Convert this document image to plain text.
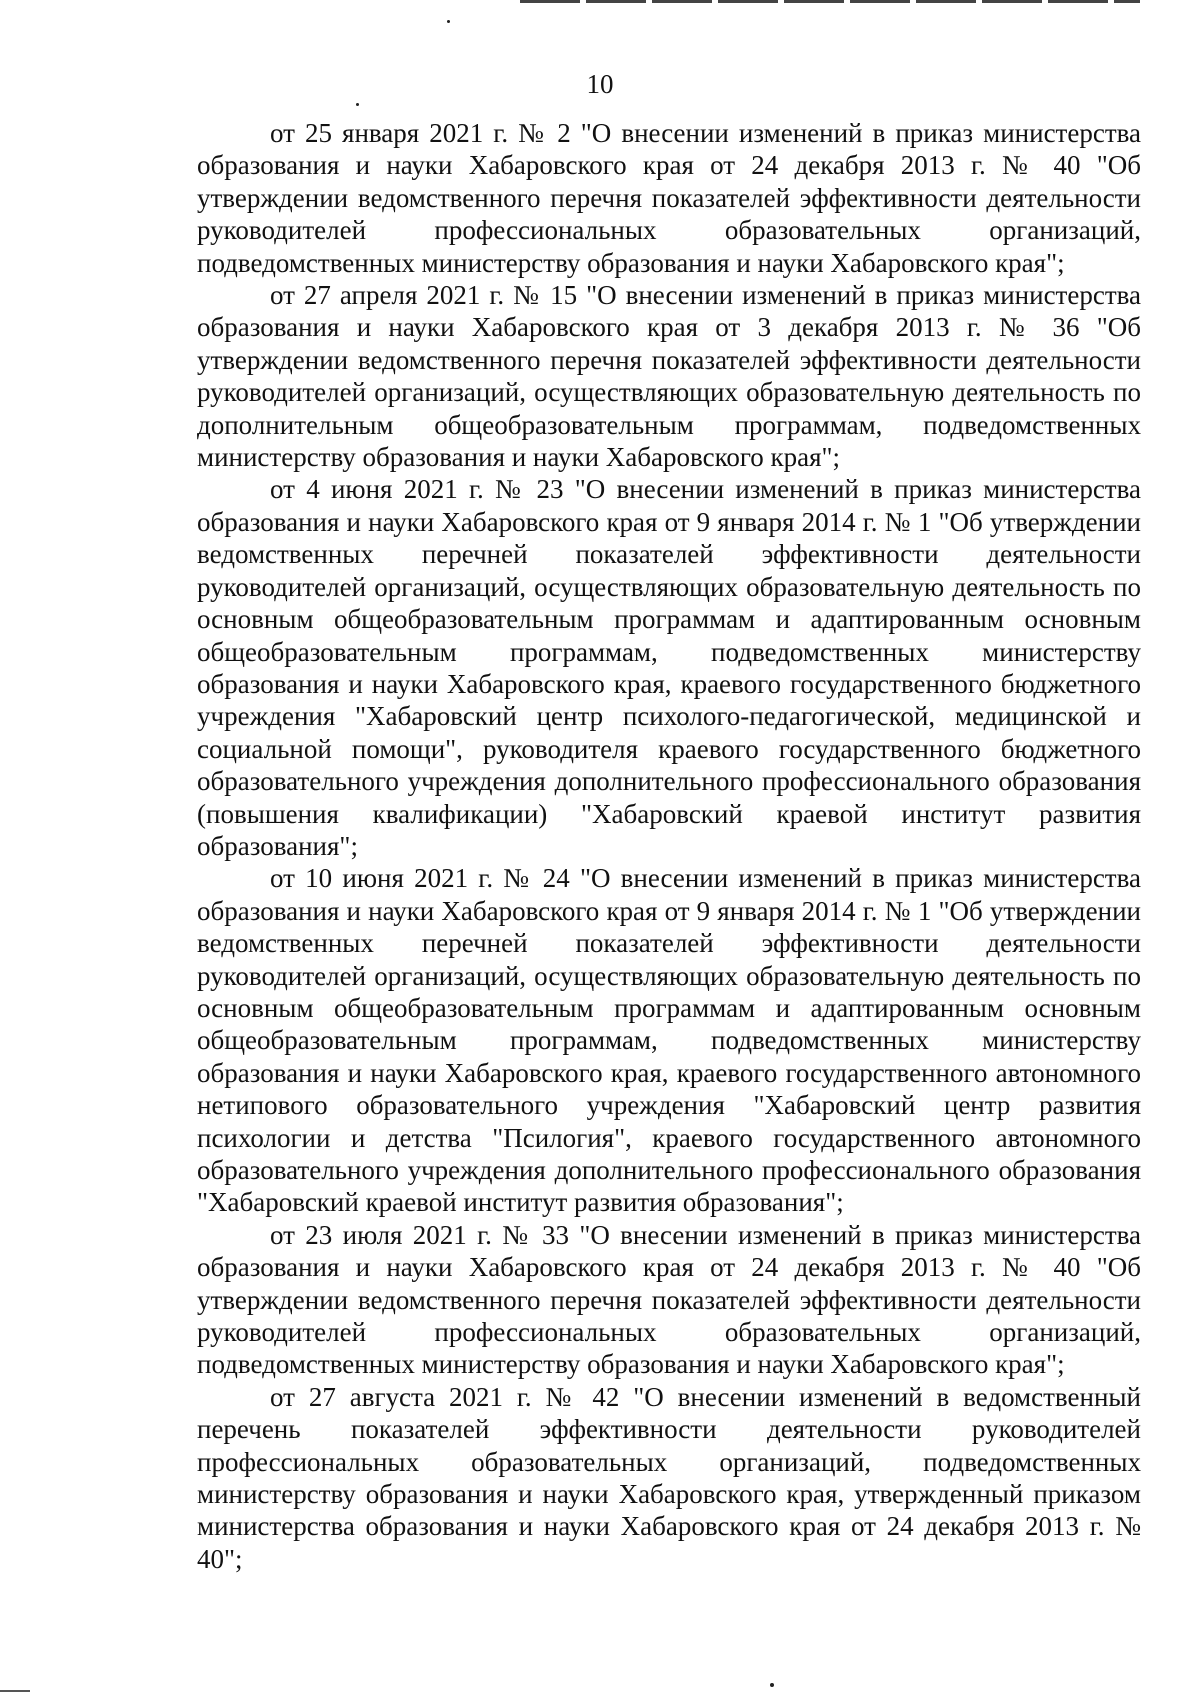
10

от 25 января 2021 г. № 2 "О внесении изменений в приказ министерства образования и науки Хабаровского края от 24 декабря 2013 г. № 40 "Об утверждении ведомственного перечня показателей эффективности деятельности руководителей профессиональных образовательных организаций, подведомственных министерству образования и науки Хабаровского края";

от 27 апреля 2021 г. № 15 "О внесении изменений в приказ министерства образования и науки Хабаровского края от 3 декабря 2013 г. № 36 "Об утверждении ведомственного перечня показателей эффективности деятельности руководителей организаций, осуществляющих образовательную деятельность по дополнительным общеобразовательным программам, подведомственных министерству образования и науки Хабаровского края";

от 4 июня 2021 г. № 23 "О внесении изменений в приказ министерства образования и науки Хабаровского края от 9 января 2014 г. № 1 "Об утверждении ведомственных перечней показателей эффективности деятельности руководителей организаций, осуществляющих образовательную деятельность по основным общеобразовательным программам и адаптированным основным общеобразовательным программам, подведомственных министерству образования и науки Хабаровского края, краевого государственного бюджетного учреждения "Хабаровский центр психолого-педагогической, медицинской и социальной помощи", руководителя краевого государственного бюджетного образовательного учреждения дополнительного профессионального образования (повышения квалификации) "Хабаровский краевой институт развития образования";

от 10 июня 2021 г. № 24 "О внесении изменений в приказ министерства образования и науки Хабаровского края от 9 января 2014 г. № 1 "Об утверждении ведомственных перечней показателей эффективности деятельности руководителей организаций, осуществляющих образовательную деятельность по основным общеобразовательным программам и адаптированным основным общеобразовательным программам, подведомственных министерству образования и науки Хабаровского края, краевого государственного автономного нетипового образовательного учреждения "Хабаровский центр развития психологии и детства "Псилогия", краевого государственного автономного образовательного учреждения дополнительного профессионального образования "Хабаровский краевой институт развития образования";

от 23 июля 2021 г. № 33 "О внесении изменений в приказ министерства образования и науки Хабаровского края от 24 декабря 2013 г. № 40 "Об утверждении ведомственного перечня показателей эффективности деятельности руководителей профессиональных образовательных организаций, подведомственных министерству образования и науки Хабаровского края";

от 27 августа 2021 г. № 42 "О внесении изменений в ведомственный перечень показателей эффективности деятельности руководителей профессиональных образовательных организаций, подведомственных министерству образования и науки Хабаровского края, утвержденный приказом министерства образования и науки Хабаровского края от 24 декабря 2013 г. № 40";
